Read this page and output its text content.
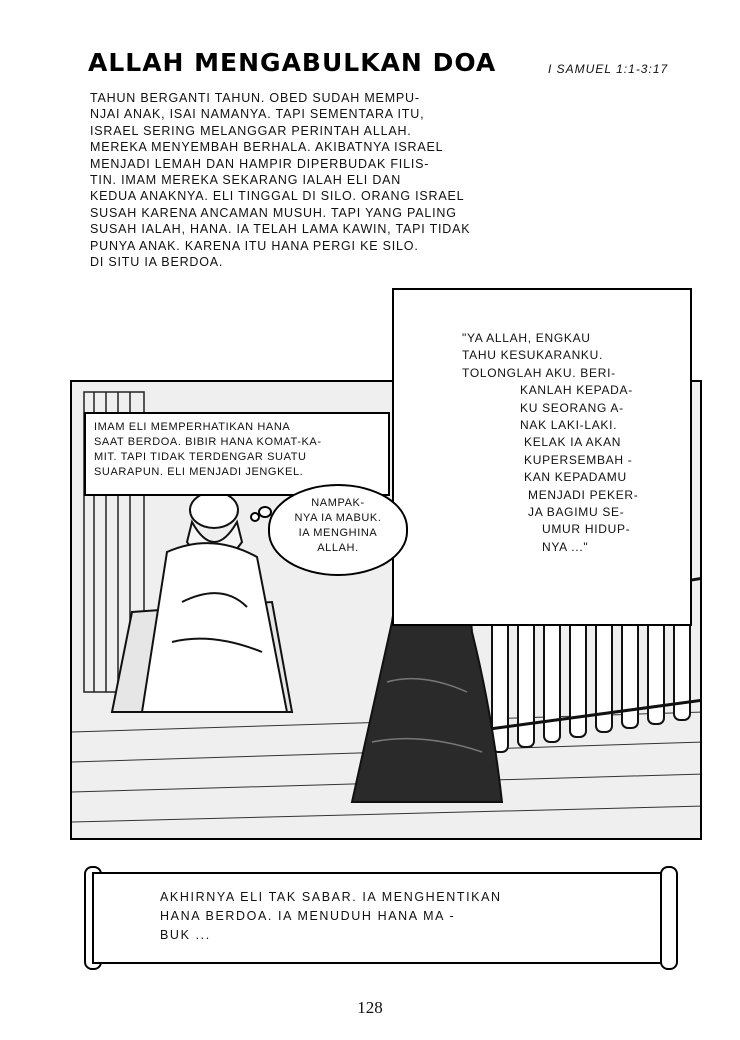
ALLAH MENGABULKAN DOA	I SAMUEL 1:1-3:17
TAHUN BERGANTI TAHUN. OBED SUDAH MEMPU-
NJAI ANAK, ISAI NAMANYA. TAPI SEMENTARA ITU,
ISRAEL SERING MELANGGAR PERINTAH ALLAH.
MEREKA MENYEMBAH BERHALA. AKIBATNYA ISRAEL
MENJADI LEMAH DAN HAMPIR DIPERBUDAK FILIS-
TIN. IMAM MEREKA SEKARANG IALAH ELI DAN
KEDUA ANAKNYA. ELI TINGGAL DI SILO. ORANG ISRAEL
SUSAH KARENA ANCAMAN MUSUH. TAPI YANG PALING
SUSAH IALAH, HANA. IA TELAH LAMA KAWIN, TAPI TIDAK
PUNYA ANAK. KARENA ITU HANA PERGI KE SILO.
DI SITU IA BERDOA.
"YA ALLAH, ENGKAU
TAHU KESUKARANKU.
TOLONGLAH AKU. BERI-
KANLAH KEPADA-
KU SEORANG A-
NAK LAKI-LAKI.
KELAK IA AKAN
KUPERSEMBAH -
KAN KEPADAMU
MENJADI PEKER-
JA BAGIMU SE-
UMUR HIDUP-
NYA ..."
IMAM ELI MEMPERHATIKAN HANA
SAAT BERDOA. BIBIR HANA KOMAT-KA-
MIT. TAPI TIDAK TERDENGAR SUATU
SUARAPUN. ELI MENJADI JENGKEL.
NAMPAK-
NYA IA MABUK.
IA MENGHINA
ALLAH.
AKHIRNYA ELI TAK SABAR. IA MENGHENTIKAN
HANA BERDOA. IA MENUDUH HANA MA -
BUK ...
128
